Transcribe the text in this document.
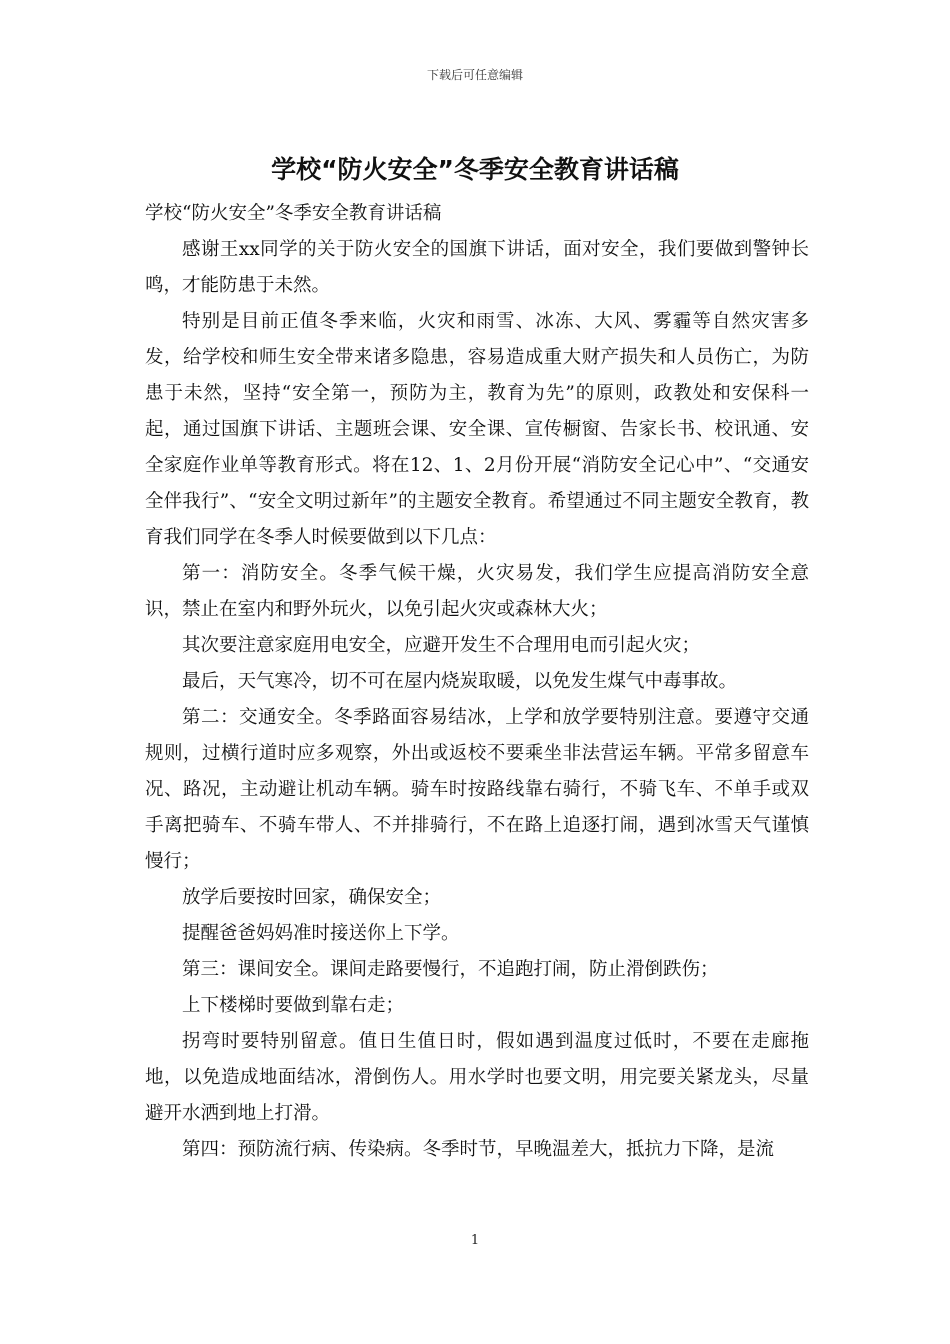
下载后可任意编辑
学校“防火安全”冬季安全教育讲话稿

学校“防火安全”冬季安全教育讲话稿

感谢王xx同学的关于防火安全的国旗下讲话，面对安全，我们要做到警钟长鸣，才能防患于未然。

特别是目前正值冬季来临，火灾和雨雪、冰冻、大风、雾霾等自然灾害多发，给学校和师生安全带来诸多隐患，容易造成重大财产损失和人员伤亡，为防患于未然，坚持“安全第一，预防为主，教育为先”的原则，政教处和安保科一起，通过国旗下讲话、主题班会课、安全课、宣传橱窗、告家长书、校讯通、安全家庭作业单等教育形式。将在12、1、2月份开展“消防安全记心中”、“交通安全伴我行”、“安全文明过新年”的主题安全教育。希望通过不同主题安全教育，教育我们同学在冬季人时候要做到以下几点：

第一：消防安全。冬季气候干燥，火灾易发，我们学生应提高消防安全意识，禁止在室内和野外玩火，以免引起火灾或森林大火；

其次要注意家庭用电安全，应避开发生不合理用电而引起火灾；

最后，天气寒冷，切不可在屋内烧炭取暖，以免发生煤气中毒事故。

第二：交通安全。冬季路面容易结冰，上学和放学要特别注意。要遵守交通规则，过横行道时应多观察，外出或返校不要乘坐非法营运车辆。平常多留意车况、路况，主动避让机动车辆。骑车时按路线靠右骑行，不骑飞车、不单手或双手离把骑车、不骑车带人、不并排骑行，不在路上追逐打闹，遇到冰雪天气谨慎慢行；

放学后要按时回家，确保安全；

提醒爸爸妈妈准时接送你上下学。

第三：课间安全。课间走路要慢行，不追跑打闹，防止滑倒跌伤；

上下楼梯时要做到靠右走；

拐弯时要特别留意。值日生值日时，假如遇到温度过低时，不要在走廊拖地，以免造成地面结冰，滑倒伤人。用水学时也要文明，用完要关紧龙头，尽量避开水洒到地上打滑。

第四：预防流行病、传染病。冬季时节，早晚温差大，抵抗力下降，是流

1
